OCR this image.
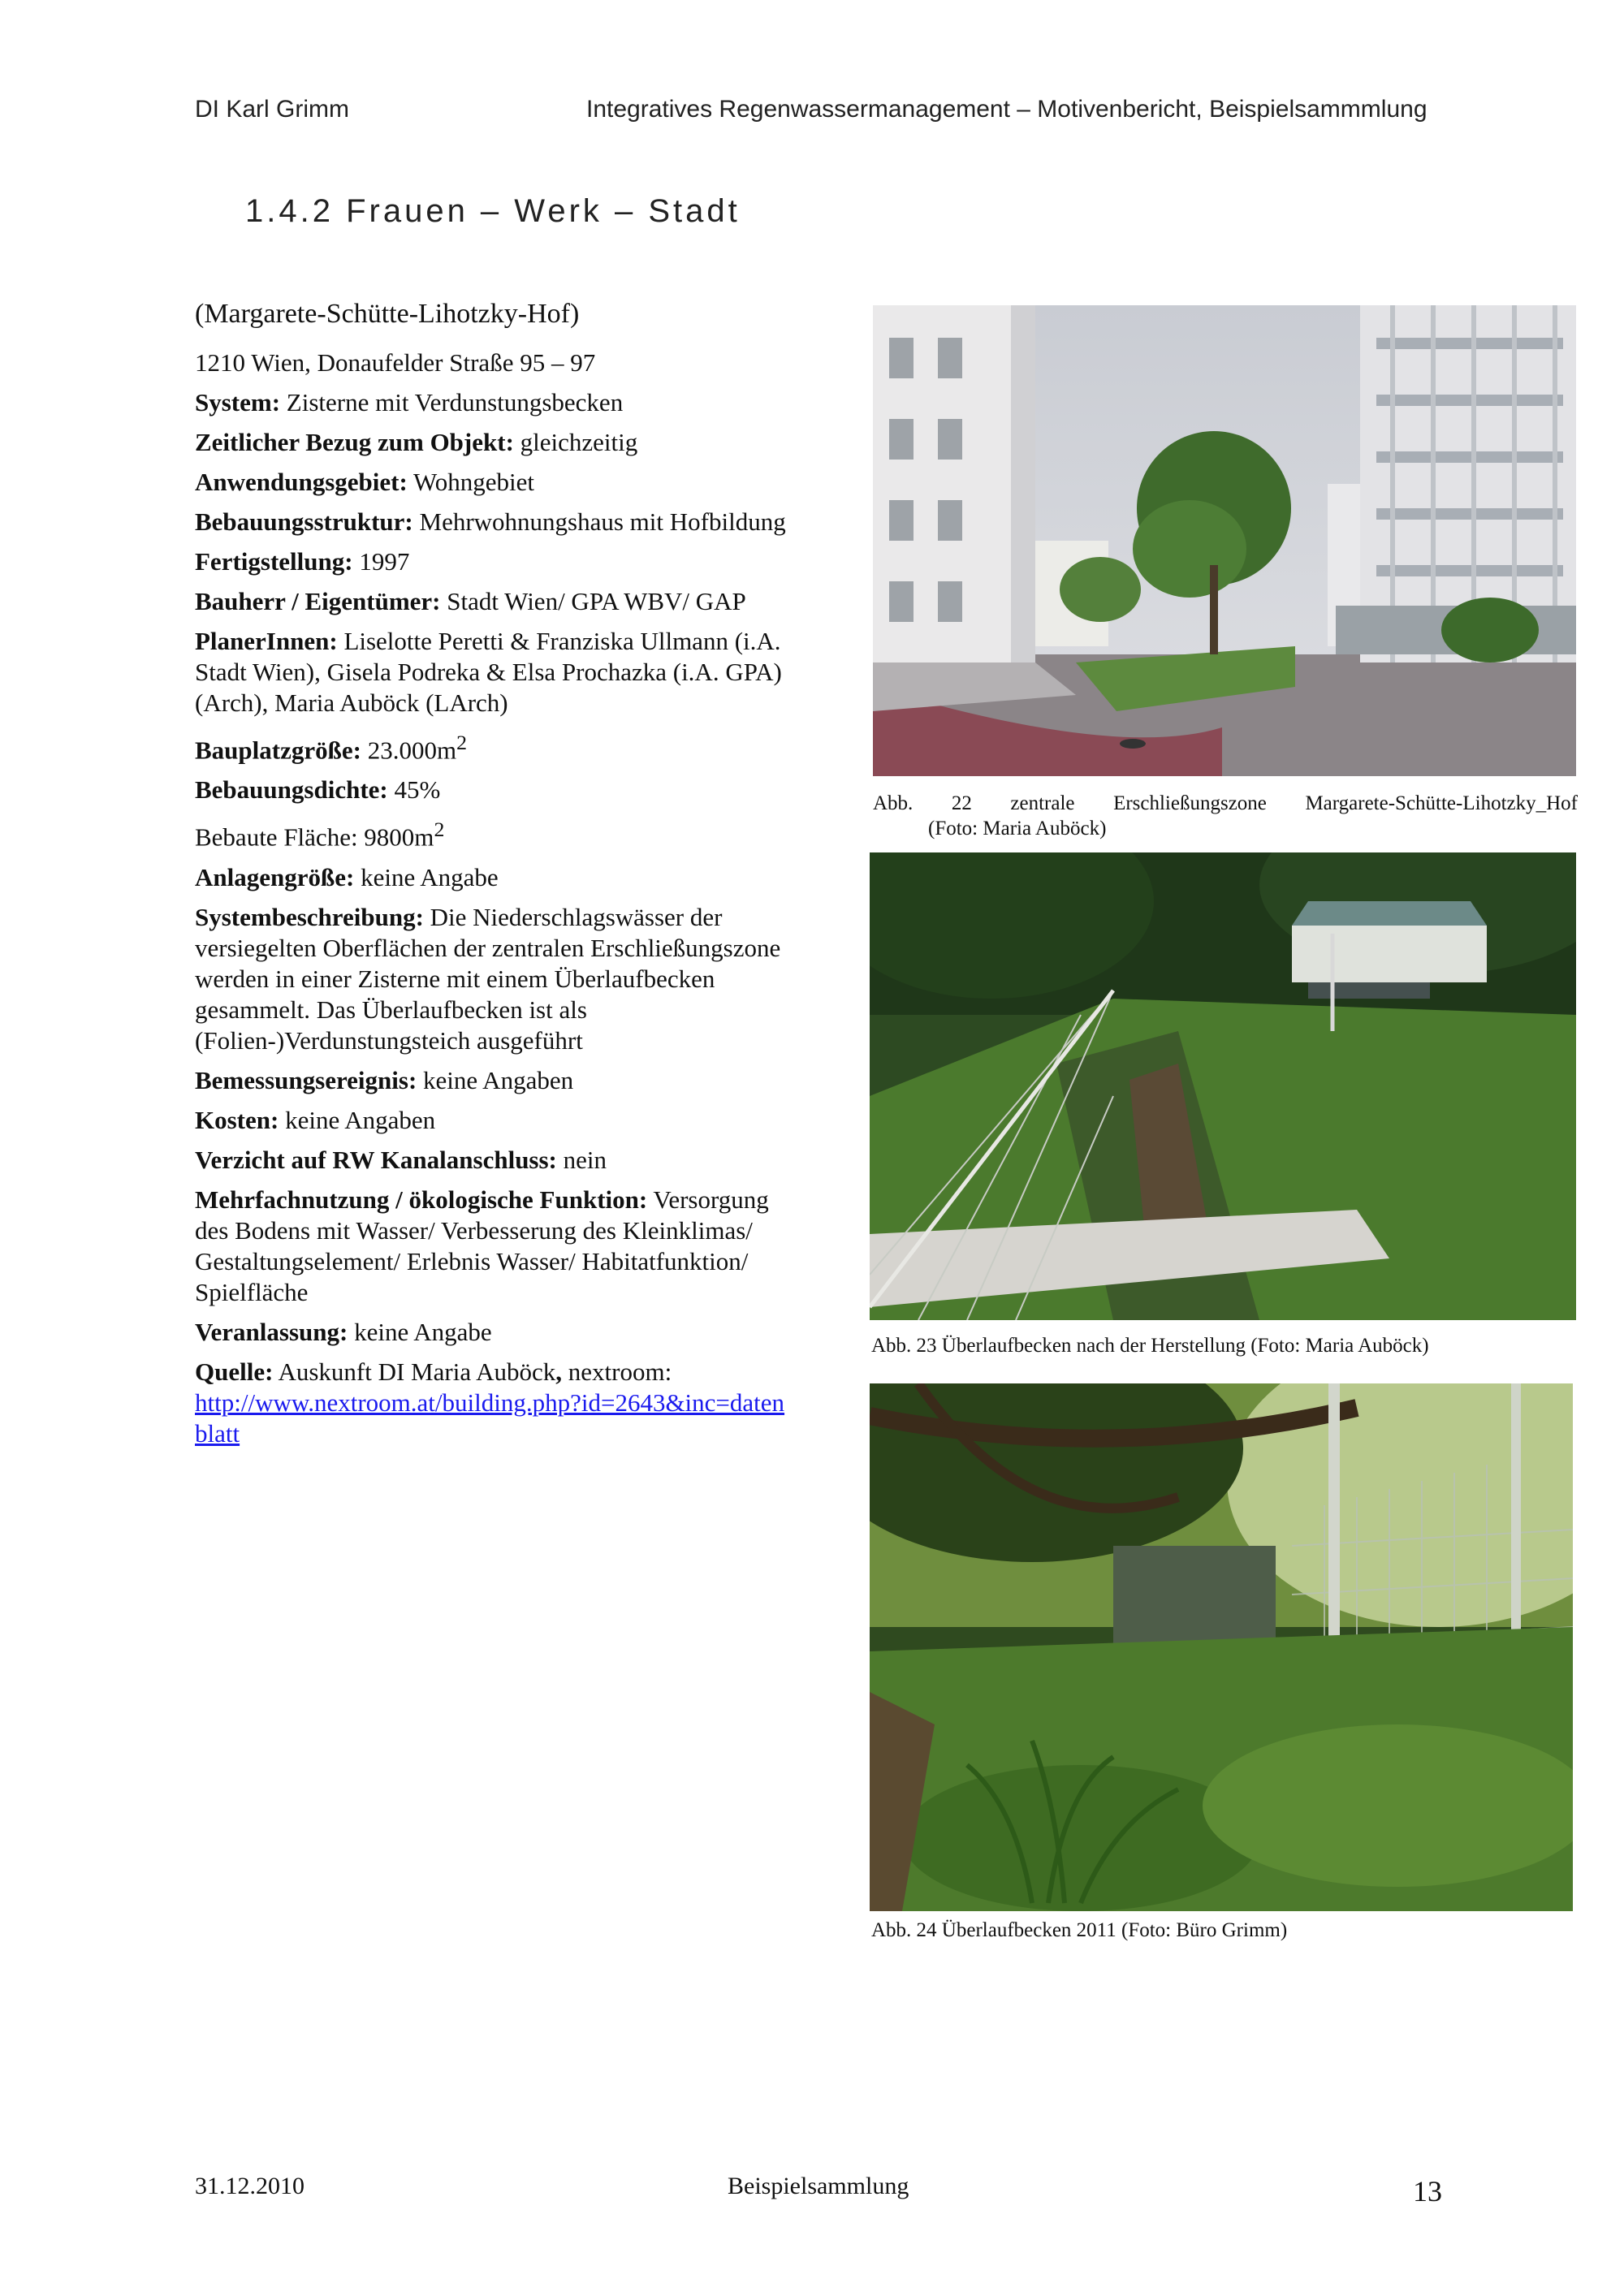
DI Karl Grimm	Integratives Regenwassermanagement – Motivenbericht, Beispielsammmlung
1.4.2 Frauen – Werk – Stadt
(Margarete-Schütte-Lihotzky-Hof)

1210 Wien, Donaufelder Straße 95 – 97

System: Zisterne mit Verdunstungsbecken

Zeitlicher Bezug zum Objekt: gleichzeitig

Anwendungsgebiet: Wohngebiet

Bebauungsstruktur: Mehrwohnungshaus mit Hofbildung

Fertigstellung: 1997

Bauherr / Eigentümer: Stadt Wien/ GPA WBV/ GAP

PlanerInnen: Liselotte Peretti & Franziska Ullmann (i.A. Stadt Wien), Gisela Podreka & Elsa Prochazka (i.A. GPA) (Arch), Maria Auböck (LArch)

Bauplatzgröße: $23.000m^2$

Bebauungsdichte: 45%

Bebaute Fläche: $9800m^2$

Anlagengröße: keine Angabe

Systembeschreibung: Die Niederschlagswässer der versiegelten Oberflächen der zentralen Erschließungszone werden in einer Zisterne mit einem Überlaufbecken gesammelt. Das Überlaufbecken ist als (Folien-)Verdunstungsteich ausgeführt

Bemessungsereignis: keine Angaben

Kosten: keine Angaben

Verzicht auf RW Kanalanschluss: nein

Mehrfachnutzung / ökologische Funktion: Versorgung des Bodens mit Wasser/ Verbesserung des Kleinklimas/ Gestaltungselement/ Erlebnis Wasser/ Habitatfunktion/ Spielfläche

Veranlassung: keine Angabe

Quelle: Auskunft DI Maria Auböck, nextroom:
http://www.nextroom.at/building.php?id=2643&inc=datenblatt

Abb. 22 zentrale Erschließungszone Margarete-Schütte-Lihotzky_Hof
(Foto: Maria Auböck)
Abb. 23 Überlaufbecken nach der Herstellung (Foto: Maria Auböck)
Abb. 24 Überlaufbecken 2011 (Foto: Büro Grimm)
31.12.2010	Beispielsammlung	13
